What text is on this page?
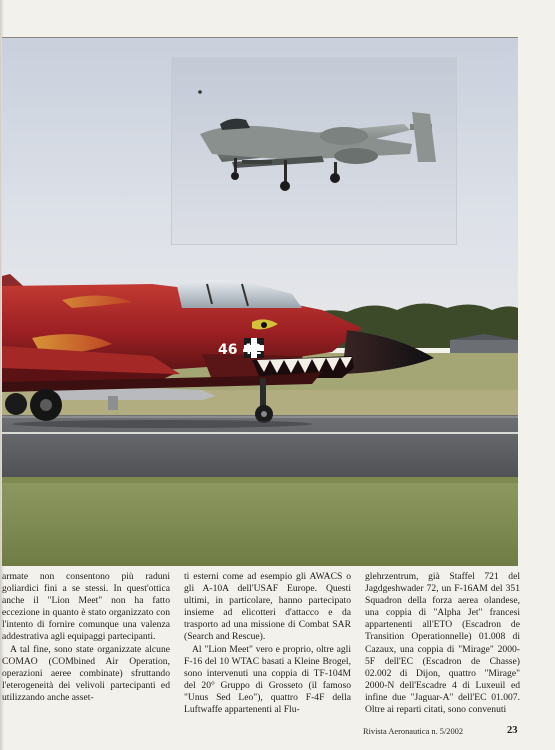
46 42

armate non consentono più raduni goliardici fini a se stessi. In quest'ottica anche il "Lion Meet" non ha fatto eccezione in quanto è stato organizzato con l'intento di fornire comunque una valenza addestrativa agli equipaggi partecipanti.

A tal fine, sono state organizzate alcune COMAO (COMbined Air Operation, operazioni aeree combinate) sfruttando l'eterogeneità dei velivoli partecipanti ed utilizzando anche asset-

ti esterni come ad esempio gli AWACS o gli A-10A dell'USAF Europe. Questi ultimi, in particolare, hanno partecipato insieme ad elicotteri d'attacco e da trasporto ad una missione di Combat SAR (Search and Rescue).

Al "Lion Meet" vero e proprio, oltre agli F-16 del 10 WTAC basati a Kleine Brogel, sono intervenuti una coppia di TF-104M del 20° Gruppo di Grosseto (il famoso "Unus Sed Leo"), quattro F-4F della Luftwaffe appartenenti al Flu-

glehrzentrum, già Staffel 721 del Jagdgeshwader 72, un F-16AM del 351 Squadron della forza aerea olandese, una coppia di "Alpha Jet" francesi appartenenti all'ETO (Escadron de Transition Operationnelle) 01.008 di Cazaux, una coppia di "Mirage" 2000-5F dell'EC (Escadron de Chasse) 02.002 di Dijon, quattro "Mirage" 2000-N dell'Escadre 4 di Luxeuil ed infine due "Jaguar-A" dell'EC 01.007. Oltre ai reparti citati, sono convenuti

Rivista Aeronautica n. 5/2002	23
